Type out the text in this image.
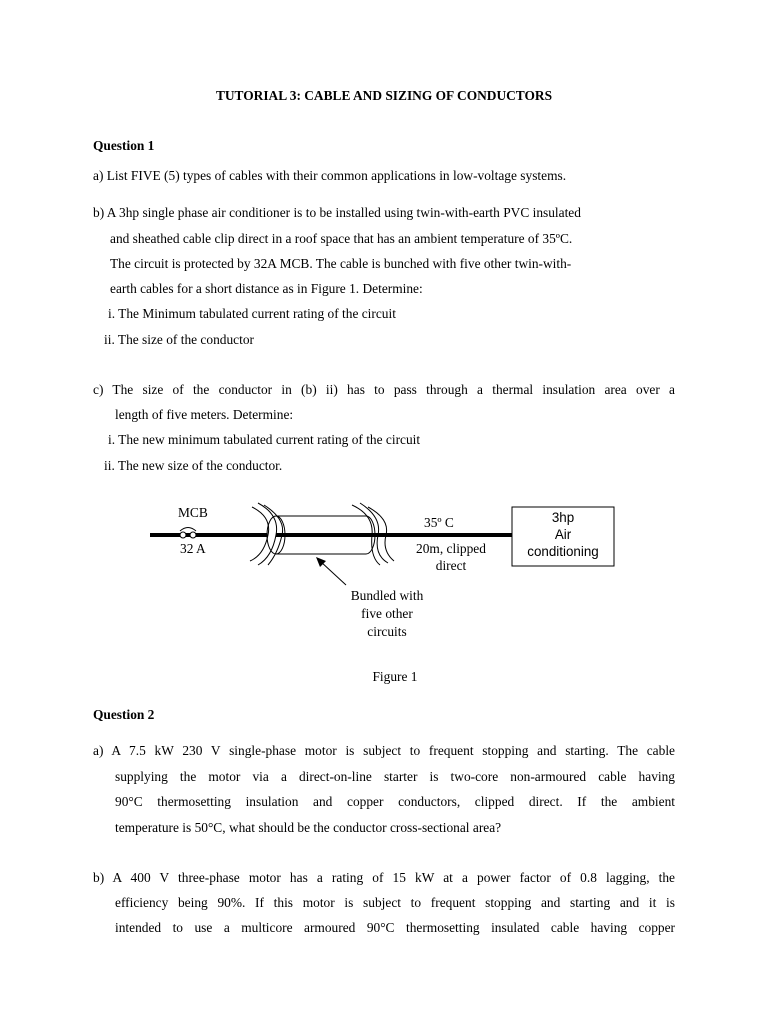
TUTORIAL 3: CABLE AND SIZING OF CONDUCTORS
Question 1
a) List FIVE (5) types of cables with their common applications in low-voltage systems.
b) A 3hp single phase air conditioner is to be installed using twin-with-earth PVC insulated
and sheathed cable clip direct in a roof space that has an ambient temperature of 35ºC.
The circuit is protected by 32A MCB. The cable is bunched with five other twin-with-
earth cables for a short distance as in Figure 1. Determine:
i. The Minimum tabulated current rating of the circuit
ii. The size of the conductor
c) The size of the conductor in (b) ii) has to pass through a thermal insulation area over a
length of five meters. Determine:
i. The new minimum tabulated current rating of the circuit
ii. The new size of the conductor.
MCB
32 A
35º C
20m, clipped
direct
3hp
Air
conditioning
Bundled with
five other
circuits
Figure 1
Question 2
a) A 7.5 kW 230 V single-phase motor is subject to frequent stopping and starting. The cable
supplying the motor via a direct-on-line starter is two-core non-armoured cable having
90°C thermosetting insulation and copper conductors, clipped direct. If the ambient
temperature is 50°C, what should be the conductor cross-sectional area?
b) A 400 V three-phase motor has a rating of 15 kW at a power factor of 0.8 lagging, the
efficiency being 90%. If this motor is subject to frequent stopping and starting and it is
intended to use a multicore armoured 90°C thermosetting insulated cable having copper
